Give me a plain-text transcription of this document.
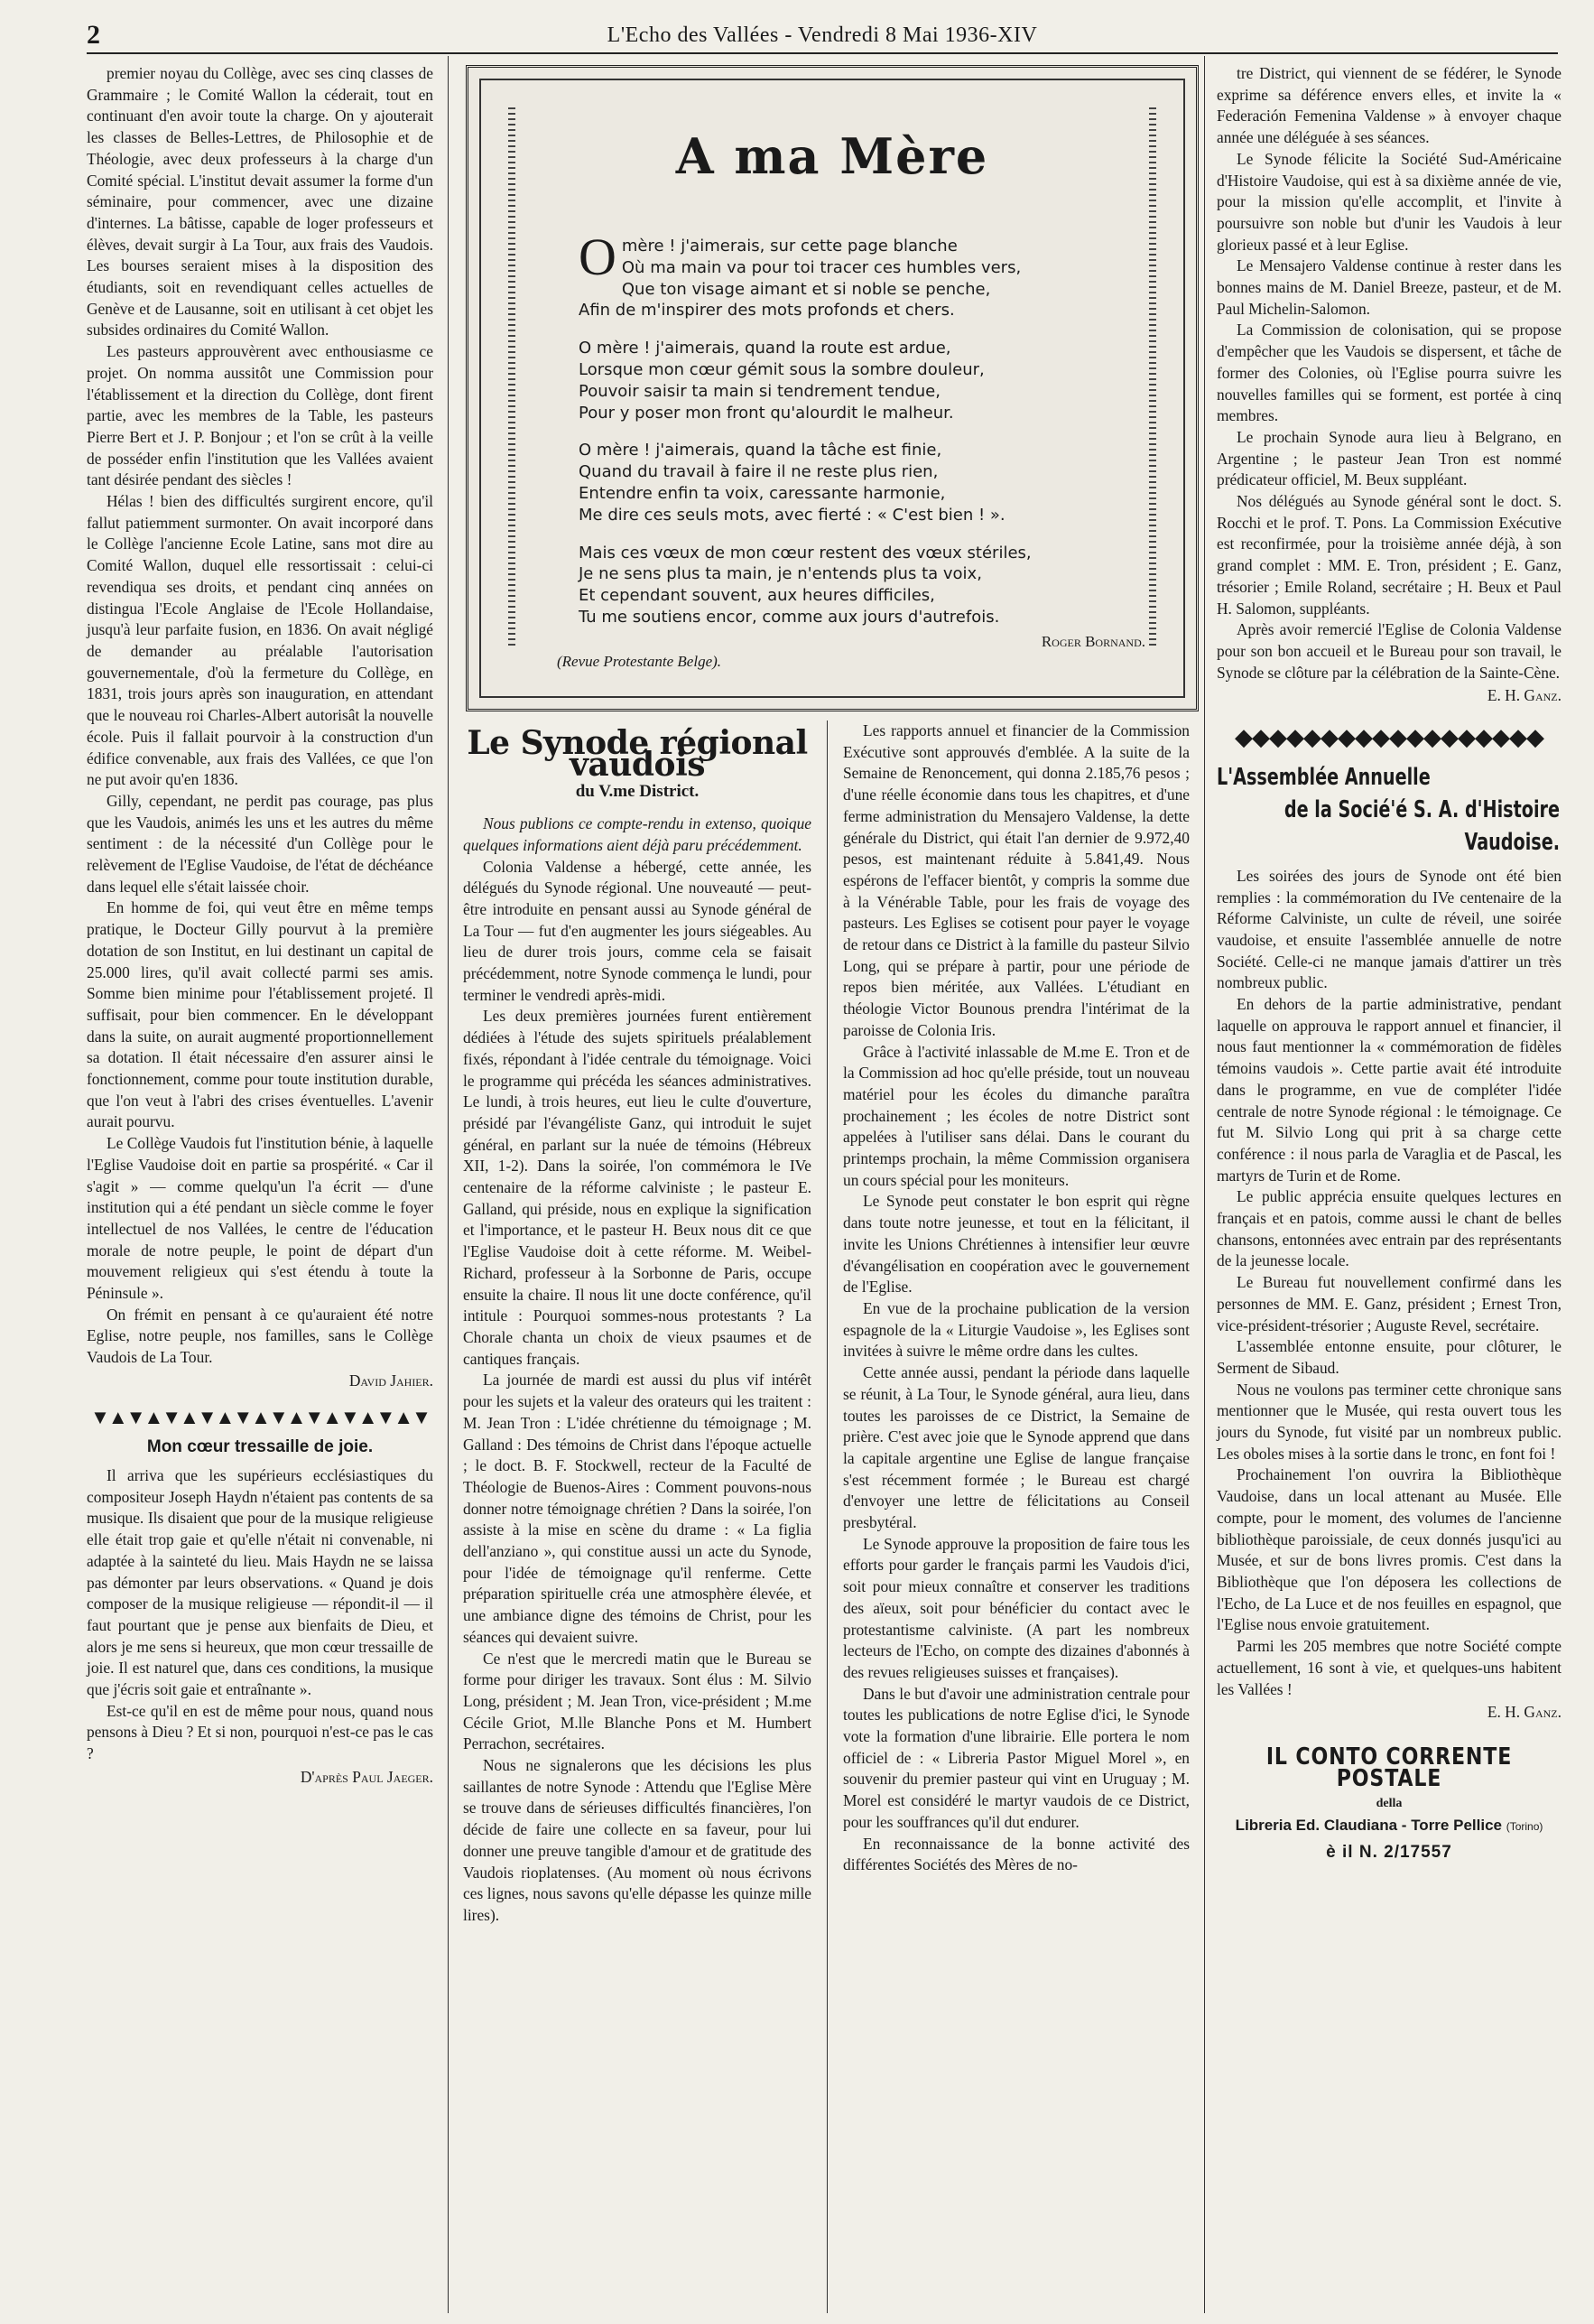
2	L'Echo des Vallées - Vendredi 8 Mai 1936-XIV

premier noyau du Collège, avec ses cinq classes de Grammaire ; le Comité Wallon la céderait, tout en continuant d'en avoir toute la charge. On y ajouterait les classes de Belles-Lettres, de Philosophie et de Théologie, avec deux professeurs à la charge d'un Comité spécial. L'institut devait assumer la forme d'un séminaire, pour commencer, avec une dizaine d'internes. La bâtisse, capable de loger professeurs et élèves, devait surgir à La Tour, aux frais des Vaudois. Les bourses seraient mises à la disposition des étudiants, soit en revendiquant celles actuelles de Genève et de Lausanne, soit en utilisant à cet objet les subsides ordinaires du Comité Wallon.

Les pasteurs approuvèrent avec enthousiasme ce projet. On nomma aussitôt une Commission pour l'établissement et la direction du Collège, dont firent partie, avec les membres de la Table, les pasteurs Pierre Bert et J. P. Bonjour ; et l'on se crût à la veille de posséder enfin l'institution que les Vallées avaient tant désirée pendant des siècles !

Hélas ! bien des difficultés surgirent encore, qu'il fallut patiemment surmonter. On avait incorporé dans le Collège l'ancienne Ecole Latine, sans mot dire au Comité Wallon, duquel elle ressortissait : celui-ci revendiqua ses droits, et pendant cinq années on distingua l'Ecole Anglaise de l'Ecole Hollandaise, jusqu'à leur parfaite fusion, en 1836. On avait négligé de demander au préalable l'autorisation gouvernementale, d'où la fermeture du Collège, en 1831, trois jours après son inauguration, en attendant que le nouveau roi Charles-Albert autorisât la nouvelle école. Puis il fallait pourvoir à la construction d'un édifice convenable, aux frais des Vallées, ce que l'on ne put avoir qu'en 1836.

Gilly, cependant, ne perdit pas courage, pas plus que les Vaudois, animés les uns et les autres du même sentiment : de la nécessité d'un Collège pour le relèvement de l'Eglise Vaudoise, de l'état de déchéance dans lequel elle s'était laissée choir.

En homme de foi, qui veut être en même temps pratique, le Docteur Gilly pourvut à la première dotation de son Institut, en lui destinant un capital de 25.000 lires, qu'il avait collecté parmi ses amis. Somme bien minime pour l'établissement projeté. Il suffisait, pour bien commencer. En le développant dans la suite, on aurait augmenté proportionnellement sa dotation. Il était nécessaire d'en assurer ainsi le fonctionnement, comme pour toute institution durable, que l'on veut à l'abri des crises éventuelles. L'avenir aurait pourvu.

Le Collège Vaudois fut l'institution bénie, à laquelle l'Eglise Vaudoise doit en partie sa prospérité. « Car il s'agit » — comme quelqu'un l'a écrit — d'une institution qui a été pendant un siècle comme le foyer intellectuel de nos Vallées, le centre de l'éducation morale de notre peuple, le point de départ d'un mouvement religieux qui s'est étendu à toute la Péninsule ».

On frémit en pensant à ce qu'auraient été notre Eglise, notre peuple, nos familles, sans le Collège Vaudois de La Tour.

David Jahier.

▼▲▼▲▼▲▼▲▼▲▼▲▼▲▼▲▼▲▼
Mon cœur tressaille de joie.

Il arriva que les supérieurs ecclésiastiques du compositeur Joseph Haydn n'étaient pas contents de sa musique. Ils disaient que pour de la musique religieuse elle était trop gaie et qu'elle n'était ni convenable, ni adaptée à la sainteté du lieu. Mais Haydn ne se laissa pas démonter par leurs observations. « Quand je dois composer de la musique religieuse — répondit-il — il faut pourtant que je pense aux bienfaits de Dieu, et alors je me sens si heureux, que mon cœur tressaille de joie. Il est naturel que, dans ces conditions, la musique que j'écris soit gaie et entraînante ».

Est-ce qu'il en est de même pour nous, quand nous pensons à Dieu ? Et si non, pourquoi n'est-ce pas le cas ?

D'après Paul Jaeger.

A ma Mère
O mère ! j'aimerais, sur cette page blanche
Où ma main va pour toi tracer ces humbles vers,
Que ton visage aimant et si noble se penche,
Afin de m'inspirer des mots profonds et chers.
O mère ! j'aimerais, quand la route est ardue,
Lorsque mon cœur gémit sous la sombre douleur,
Pouvoir saisir ta main si tendrement tendue,
Pour y poser mon front qu'alourdit le malheur.
O mère ! j'aimerais, quand la tâche est finie,
Quand du travail à faire il ne reste plus rien,
Entendre enfin ta voix, caressante harmonie,
Me dire ces seuls mots, avec fierté : « C'est bien ! ».
Mais ces vœux de mon cœur restent des vœux stériles,
Je ne sens plus ta main, je n'entends plus ta voix,
Et cependant souvent, aux heures difficiles,
Tu me soutiens encor, comme aux jours d'autrefois.
(Revue Protestante Belge).
Roger Bornand.
Le Synode régional vaudois
du V.me District.

Nous publions ce compte-rendu in extenso, quoique quelques informations aient déjà paru précédemment.

Colonia Valdense a hébergé, cette année, les délégués du Synode régional. Une nouveauté — peut-être introduite en pensant aussi au Synode général de La Tour — fut d'en augmenter les jours siégeables. Au lieu de durer trois jours, comme cela se faisait précédemment, notre Synode commença le lundi, pour terminer le vendredi après-midi.

Les deux premières journées furent entièrement dédiées à l'étude des sujets spirituels préalablement fixés, répondant à l'idée centrale du témoignage. Voici le programme qui précéda les séances administratives. Le lundi, à trois heures, eut lieu le culte d'ouverture, présidé par l'évangéliste Ganz, qui introduit le sujet général, en parlant sur la nuée de témoins (Hébreux XII, 1-2). Dans la soirée, l'on commémora le IVe centenaire de la réforme calviniste ; le pasteur E. Galland, qui préside, nous en explique la signification et l'importance, et le pasteur H. Beux nous dit ce que l'Eglise Vaudoise doit à cette réforme. M. Weibel-Richard, professeur à la Sorbonne de Paris, occupe ensuite la chaire. Il nous lit une docte conférence, qu'il intitule : Pourquoi sommes-nous protestants ? La Chorale chanta un choix de vieux psaumes et de cantiques français.

La journée de mardi est aussi du plus vif intérêt pour les sujets et la valeur des orateurs qui les traitent : M. Jean Tron : L'idée chrétienne du témoignage ; M. Galland : Des témoins de Christ dans l'époque actuelle ; le doct. B. F. Stockwell, recteur de la Faculté de Théologie de Buenos-Aires : Comment pouvons-nous donner notre témoignage chrétien ? Dans la soirée, l'on assiste à la mise en scène du drame : « La figlia dell'anziano », qui constitue aussi un acte du Synode, pour l'idée de témoignage qu'il renferme. Cette préparation spirituelle créa une atmosphère élevée, et une ambiance digne des témoins de Christ, pour les séances qui devaient suivre.

Ce n'est que le mercredi matin que le Bureau se forme pour diriger les travaux. Sont élus : M. Silvio Long, président ; M. Jean Tron, vice-président ; M.me Cécile Griot, M.lle Blanche Pons et M. Humbert Perrachon, secrétaires.

Nous ne signalerons que les décisions les plus saillantes de notre Synode : Attendu que l'Eglise Mère se trouve dans de sérieuses difficultés financières, l'on décide de faire une collecte en sa faveur, pour lui donner une preuve tangible d'amour et de gratitude des Vaudois rioplatenses. (Au moment où nous écrivons ces lignes, nous savons qu'elle dépasse les quinze mille lires).

Les rapports annuel et financier de la Commission Exécutive sont approuvés d'emblée. A la suite de la Semaine de Renoncement, qui donna 2.185,76 pesos ; d'une réelle économie dans tous les chapitres, et d'une ferme administration du Mensajero Valdense, la dette générale du District, qui était l'an dernier de 9.972,40 pesos, est maintenant réduite à 5.841,49. Nous espérons de l'effacer bientôt, y compris la somme due à la Vénérable Table, pour les frais de voyage des pasteurs. Les Eglises se cotisent pour payer le voyage de retour dans ce District à la famille du pasteur Silvio Long, qui se prépare à partir, pour une période de repos bien méritée, aux Vallées. L'étudiant en théologie Victor Bounous prendra l'intérimat de la paroisse de Colonia Iris.

Grâce à l'activité inlassable de M.me E. Tron et de la Commission ad hoc qu'elle préside, tout un nouveau matériel pour les écoles du dimanche paraîtra prochainement ; les écoles de notre District sont appelées à l'utiliser sans délai. Dans le courant du printemps prochain, la même Commission organisera un cours spécial pour les moniteurs.

Le Synode peut constater le bon esprit qui règne dans toute notre jeunesse, et tout en la félicitant, il invite les Unions Chrétiennes à intensifier leur œuvre d'évangélisation en coopération avec le gouvernement de l'Eglise.

En vue de la prochaine publication de la version espagnole de la « Liturgie Vaudoise », les Eglises sont invitées à suivre le même ordre dans les cultes.

Cette année aussi, pendant la période dans laquelle se réunit, à La Tour, le Synode général, aura lieu, dans toutes les paroisses de ce District, la Semaine de prière. C'est avec joie que le Synode apprend que dans la capitale argentine une Eglise de langue française s'est récemment formée ; le Bureau est chargé d'envoyer une lettre de félicitations au Conseil presbytéral.

Le Synode approuve la proposition de faire tous les efforts pour garder le français parmi les Vaudois d'ici, soit pour mieux connaître et conserver les traditions des aïeux, soit pour bénéficier du contact avec le protestantisme calviniste. (A part les nombreux lecteurs de l'Echo, on compte des dizaines d'abonnés à des revues religieuses suisses et françaises).

Dans le but d'avoir une administration centrale pour toutes les publications de notre Eglise d'ici, le Synode vote la formation d'une librairie. Elle portera le nom officiel de : « Libreria Pastor Miguel Morel », en souvenir du premier pasteur qui vint en Uruguay ; M. Morel est considéré le martyr vaudois de ce District, pour les souffrances qu'il dut endurer.

En reconnaissance de la bonne activité des différentes Sociétés des Mères de no-

tre District, qui viennent de se fédérer, le Synode exprime sa déférence envers elles, et invite la « Federación Femenina Valdense » à envoyer chaque année une déléguée à ses séances.

Le Synode félicite la Société Sud-Américaine d'Histoire Vaudoise, qui est à sa dixième année de vie, pour la mission qu'elle accomplit, et l'invite à poursuivre son noble but d'unir les Vaudois à leur glorieux passé et à leur Eglise.

Le Mensajero Valdense continue à rester dans les bonnes mains de M. Daniel Breeze, pasteur, et de M. Paul Michelin-Salomon.

La Commission de colonisation, qui se propose d'empêcher que les Vaudois se dispersent, et tâche de former des Colonies, où l'Eglise pourra suivre les nouvelles familles qui se forment, est portée à cinq membres.

Le prochain Synode aura lieu à Belgrano, en Argentine ; le pasteur Jean Tron est nommé prédicateur officiel, M. Beux suppléant.

Nos délégués au Synode général sont le doct. S. Rocchi et le prof. T. Pons. La Commission Exécutive est reconfirmée, pour la troisième année déjà, à son grand complet : MM. E. Tron, président ; E. Ganz, trésorier ; Emile Roland, secrétaire ; H. Beux et Paul H. Salomon, suppléants.

Après avoir remercié l'Eglise de Colonia Valdense pour son bon accueil et le Bureau pour son travail, le Synode se clôture par la célébration de la Sainte-Cène.

E. H. Ganz.

◆◆◆◆◆◆◆◆◆◆◆◆◆◆◆◆◆◆
L'Assemblée Annuelle
de la Socié'é S. A. d'Histoire Vaudoise.

Les soirées des jours de Synode ont été bien remplies : la commémoration du IVe centenaire de la Réforme Calviniste, un culte de réveil, une soirée vaudoise, et ensuite l'assemblée annuelle de notre Société. Celle-ci ne manque jamais d'attirer un très nombreux public.

En dehors de la partie administrative, pendant laquelle on approuva le rapport annuel et financier, il nous faut mentionner la « commémoration de fidèles témoins vaudois ». Cette partie avait été introduite dans le programme, en vue de compléter l'idée centrale de notre Synode régional : le témoignage. Ce fut M. Silvio Long qui prit à sa charge cette conférence : il nous parla de Varaglia et de Pascal, les martyrs de Turin et de Rome.

Le public apprécia ensuite quelques lectures en français et en patois, comme aussi le chant de belles chansons, entonnées avec entrain par des représentants de la jeunesse locale.

Le Bureau fut nouvellement confirmé dans les personnes de MM. E. Ganz, président ; Ernest Tron, vice-président-trésorier ; Auguste Revel, secrétaire.

L'assemblée entonne ensuite, pour clôturer, le Serment de Sibaud.

Nous ne voulons pas terminer cette chronique sans mentionner que le Musée, qui resta ouvert tous les jours du Synode, fut visité par un nombreux public. Les oboles mises à la sortie dans le tronc, en font foi !

Prochainement l'on ouvrira la Bibliothèque Vaudoise, dans un local attenant au Musée. Elle compte, pour le moment, des volumes de l'ancienne bibliothèque paroissiale, de ceux donnés jusqu'ici au Musée, et sur de bons livres promis. C'est dans la Bibliothèque que l'on déposera les collections de l'Echo, de La Luce et de nos feuilles en espagnol, que l'Eglise nous envoie gratuitement.

Parmi les 205 membres que notre Société compte actuellement, 16 sont à vie, et quelques-uns habitent les Vallées !

E. H. Ganz.

IL CONTO CORRENTE POSTALE
della
Libreria Ed. Claudiana - Torre Pellice (Torino)
è il N. 2/17557
